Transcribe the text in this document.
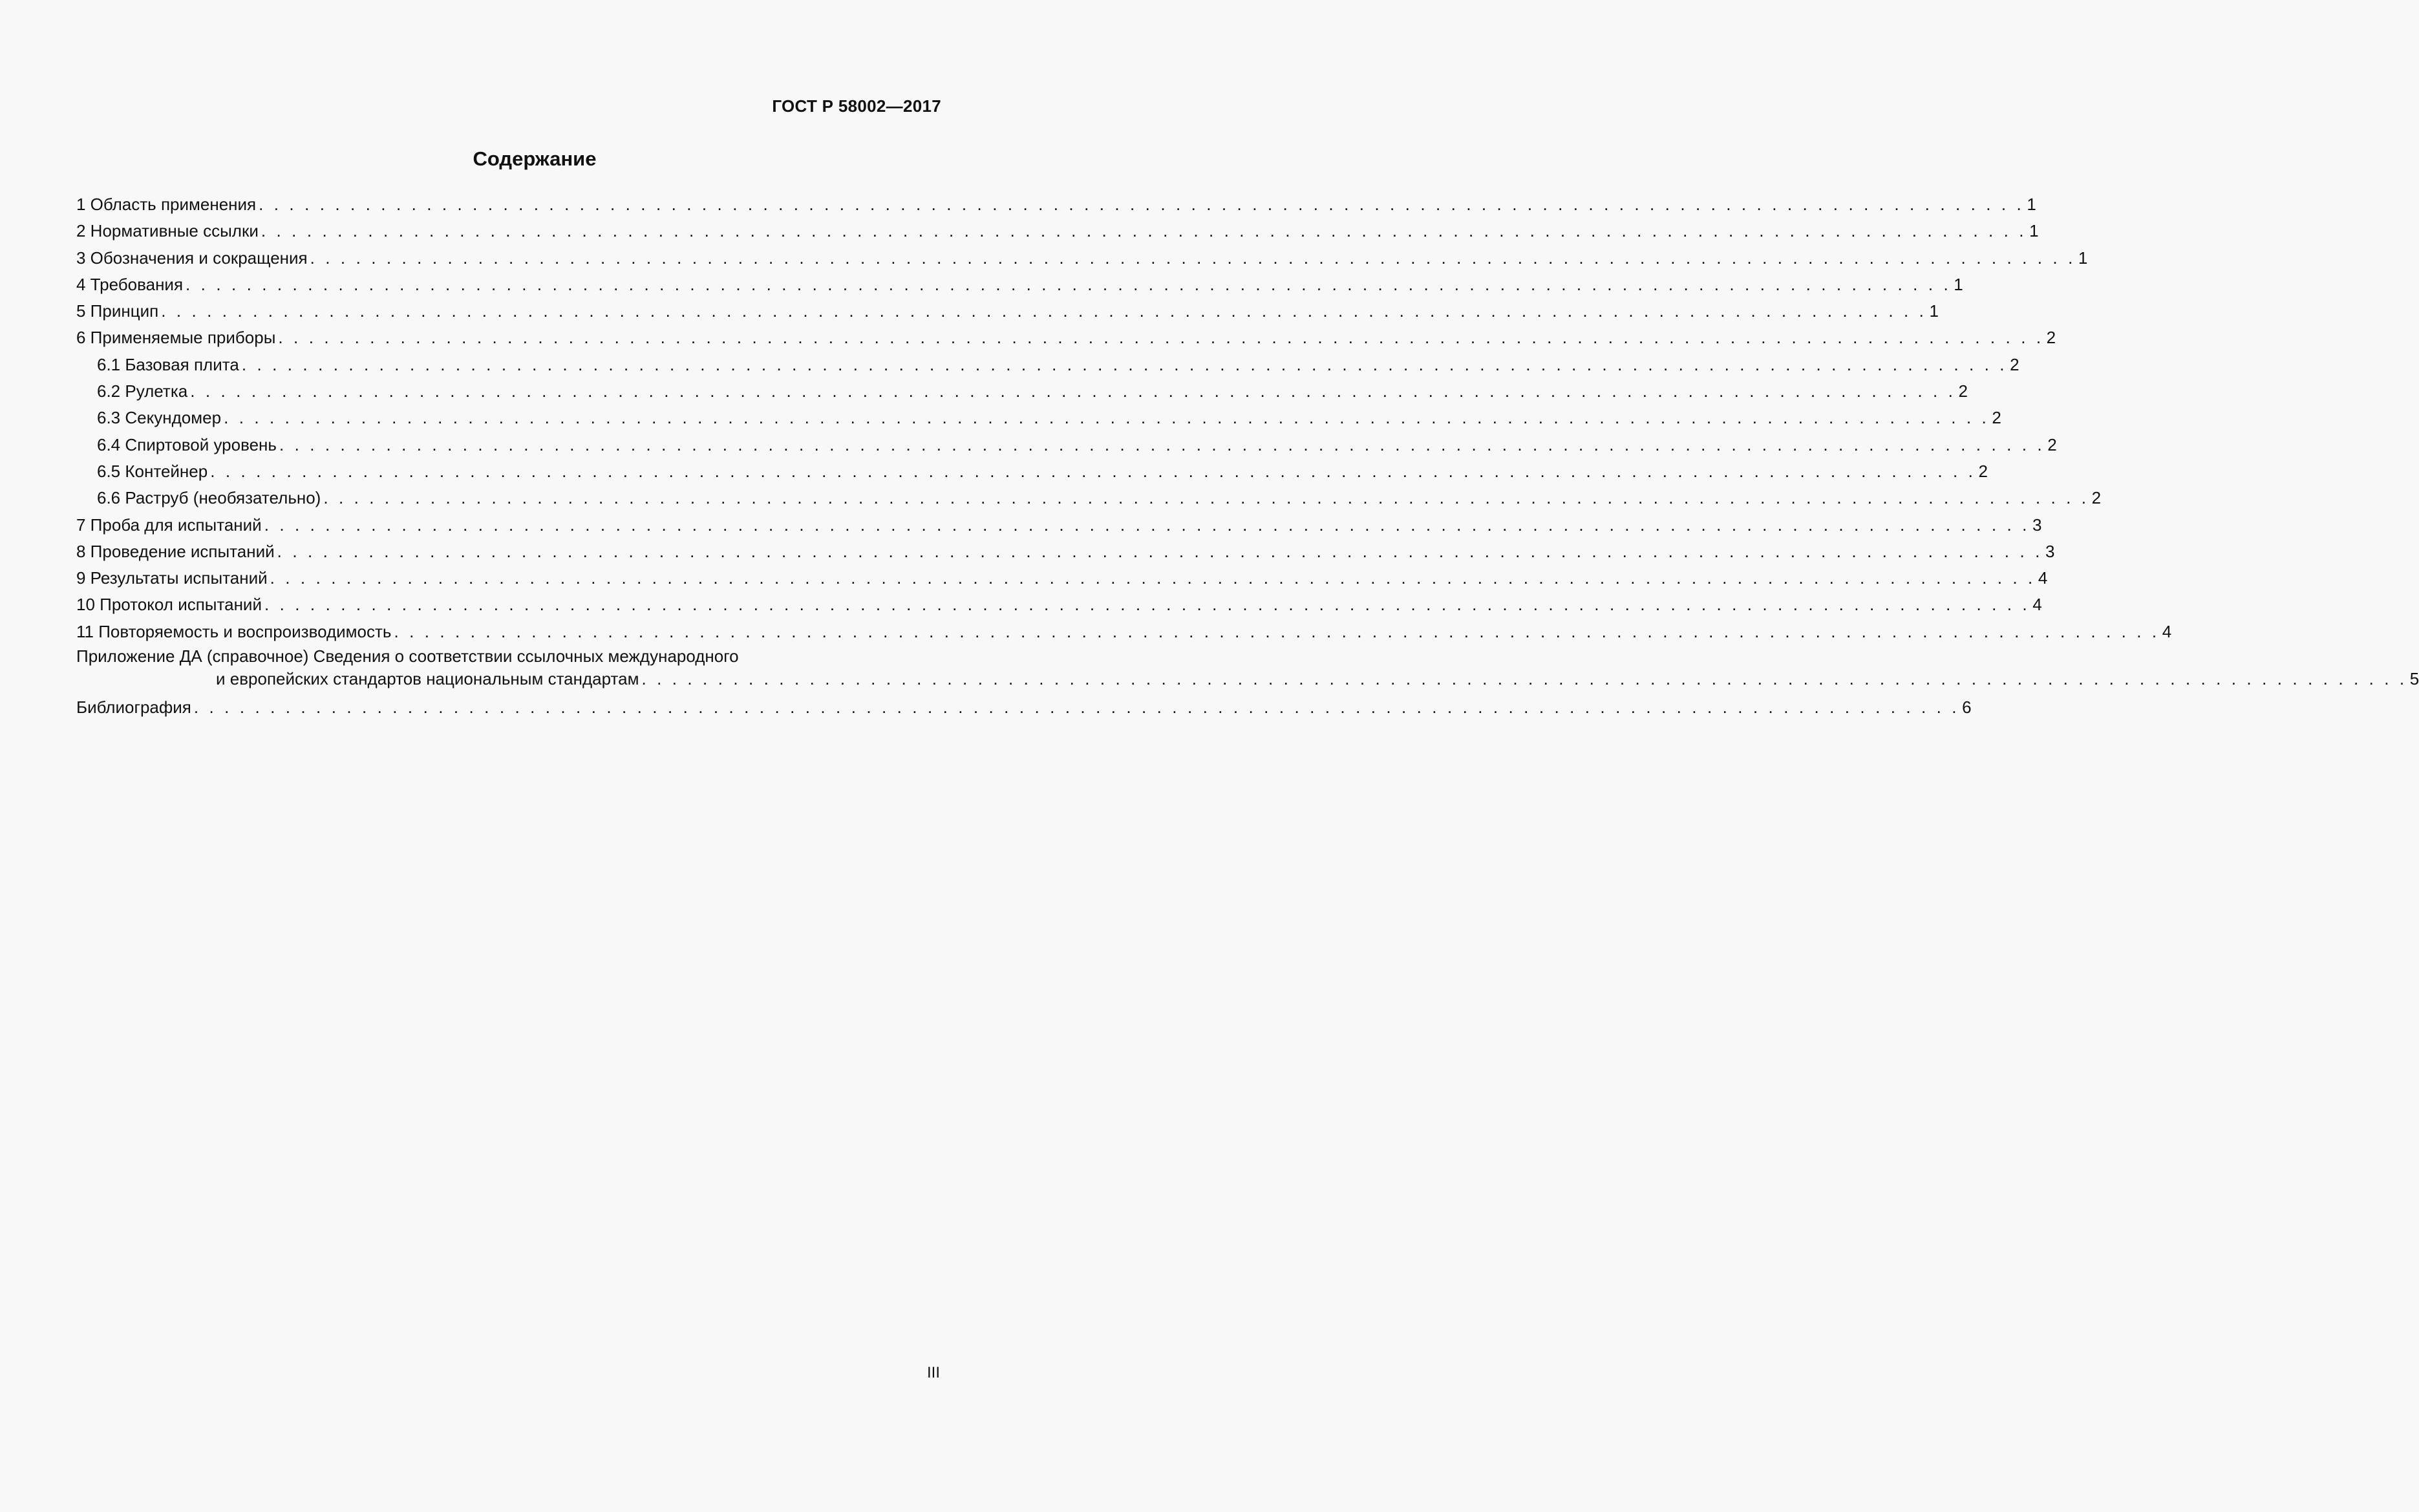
ГОСТ Р 58002—2017
Содержание
1 Область применения . . . . . . . . . . . . . . . . . . . . . . . . . . . . . . . . . . . . . . . . . . . . . . . . . . . . . . . . . . . . . . . . . . . . . . . . . . . . . . . . . . . . . . . . . . . . . . . . . . . . . . . . . . . . . . . . . . . . 1
2 Нормативные ссылки . . . . . . . . . . . . . . . . . . . . . . . . . . . . . . . . . . . . . . . . . . . . . . . . . . . . . . . . . . . . . . . . . . . . . . . . . . . . . . . . . . . . . . . . . . . . . . . . . . . . . . . . . . . . . . . . . . . . 1
3 Обозначения и сокращения . . . . . . . . . . . . . . . . . . . . . . . . . . . . . . . . . . . . . . . . . . . . . . . . . . . . . . . . . . . . . . . . . . . . . . . . . . . . . . . . . . . . . . . . . . . . . . . . . . . . . . . . . . . . . . . . . . . . 1
4 Требования . . . . . . . . . . . . . . . . . . . . . . . . . . . . . . . . . . . . . . . . . . . . . . . . . . . . . . . . . . . . . . . . . . . . . . . . . . . . . . . . . . . . . . . . . . . . . . . . . . . . . . . . . . . . . . . . . . . . 1
5 Принцип . . . . . . . . . . . . . . . . . . . . . . . . . . . . . . . . . . . . . . . . . . . . . . . . . . . . . . . . . . . . . . . . . . . . . . . . . . . . . . . . . . . . . . . . . . . . . . . . . . . . . . . . . . . . . . . . . . . . 1
6 Применяемые приборы . . . . . . . . . . . . . . . . . . . . . . . . . . . . . . . . . . . . . . . . . . . . . . . . . . . . . . . . . . . . . . . . . . . . . . . . . . . . . . . . . . . . . . . . . . . . . . . . . . . . . . . . . . . . . . . . . . . . 2
6.1 Базовая плита . . . . . . . . . . . . . . . . . . . . . . . . . . . . . . . . . . . . . . . . . . . . . . . . . . . . . . . . . . . . . . . . . . . . . . . . . . . . . . . . . . . . . . . . . . . . . . . . . . . . . . . . . . . . . . . . . . . . 2
6.2 Рулетка . . . . . . . . . . . . . . . . . . . . . . . . . . . . . . . . . . . . . . . . . . . . . . . . . . . . . . . . . . . . . . . . . . . . . . . . . . . . . . . . . . . . . . . . . . . . . . . . . . . . . . . . . . . . . . . . . . . . 2
6.3 Секундомер . . . . . . . . . . . . . . . . . . . . . . . . . . . . . . . . . . . . . . . . . . . . . . . . . . . . . . . . . . . . . . . . . . . . . . . . . . . . . . . . . . . . . . . . . . . . . . . . . . . . . . . . . . . . . . . . . . . . 2
6.4 Спиртовой уровень . . . . . . . . . . . . . . . . . . . . . . . . . . . . . . . . . . . . . . . . . . . . . . . . . . . . . . . . . . . . . . . . . . . . . . . . . . . . . . . . . . . . . . . . . . . . . . . . . . . . . . . . . . . . . . . . . . . . 2
6.5 Контейнер . . . . . . . . . . . . . . . . . . . . . . . . . . . . . . . . . . . . . . . . . . . . . . . . . . . . . . . . . . . . . . . . . . . . . . . . . . . . . . . . . . . . . . . . . . . . . . . . . . . . . . . . . . . . . . . . . . . . 2
6.6 Раструб (необязательно) . . . . . . . . . . . . . . . . . . . . . . . . . . . . . . . . . . . . . . . . . . . . . . . . . . . . . . . . . . . . . . . . . . . . . . . . . . . . . . . . . . . . . . . . . . . . . . . . . . . . . . . . . . . . . . . . . . . . 2
7 Проба для испытаний . . . . . . . . . . . . . . . . . . . . . . . . . . . . . . . . . . . . . . . . . . . . . . . . . . . . . . . . . . . . . . . . . . . . . . . . . . . . . . . . . . . . . . . . . . . . . . . . . . . . . . . . . . . . . . . . . . . . 3
8 Проведение испытаний . . . . . . . . . . . . . . . . . . . . . . . . . . . . . . . . . . . . . . . . . . . . . . . . . . . . . . . . . . . . . . . . . . . . . . . . . . . . . . . . . . . . . . . . . . . . . . . . . . . . . . . . . . . . . . . . . . . . 3
9 Результаты испытаний . . . . . . . . . . . . . . . . . . . . . . . . . . . . . . . . . . . . . . . . . . . . . . . . . . . . . . . . . . . . . . . . . . . . . . . . . . . . . . . . . . . . . . . . . . . . . . . . . . . . . . . . . . . . . . . . . . . . 4
10 Протокол испытаний . . . . . . . . . . . . . . . . . . . . . . . . . . . . . . . . . . . . . . . . . . . . . . . . . . . . . . . . . . . . . . . . . . . . . . . . . . . . . . . . . . . . . . . . . . . . . . . . . . . . . . . . . . . . . . . . . . . . 4
11 Повторяемость и воспроизводимость . . . . . . . . . . . . . . . . . . . . . . . . . . . . . . . . . . . . . . . . . . . . . . . . . . . . . . . . . . . . . . . . . . . . . . . . . . . . . . . . . . . . . . . . . . . . . . . . . . . . . . . . . . . . . . . . . . . . 4
Приложение ДА (справочное) Сведения о соответствии ссылочных международного
и европейских стандартов национальным стандартам . . . . . . . . . . . . . . . . . . . . . . . . . . . . . . . . . . . . . . . . . . . . . . . . . . . . . . . . . . . . . . . . . . . . . . . . . . . . . . . . . . . . . . . . . . . . . . . . . . . . . . . . . . . . . . . . . . . . 5
Библиография . . . . . . . . . . . . . . . . . . . . . . . . . . . . . . . . . . . . . . . . . . . . . . . . . . . . . . . . . . . . . . . . . . . . . . . . . . . . . . . . . . . . . . . . . . . . . . . . . . . . . . . . . . . . . . . . . . . . 6
III
